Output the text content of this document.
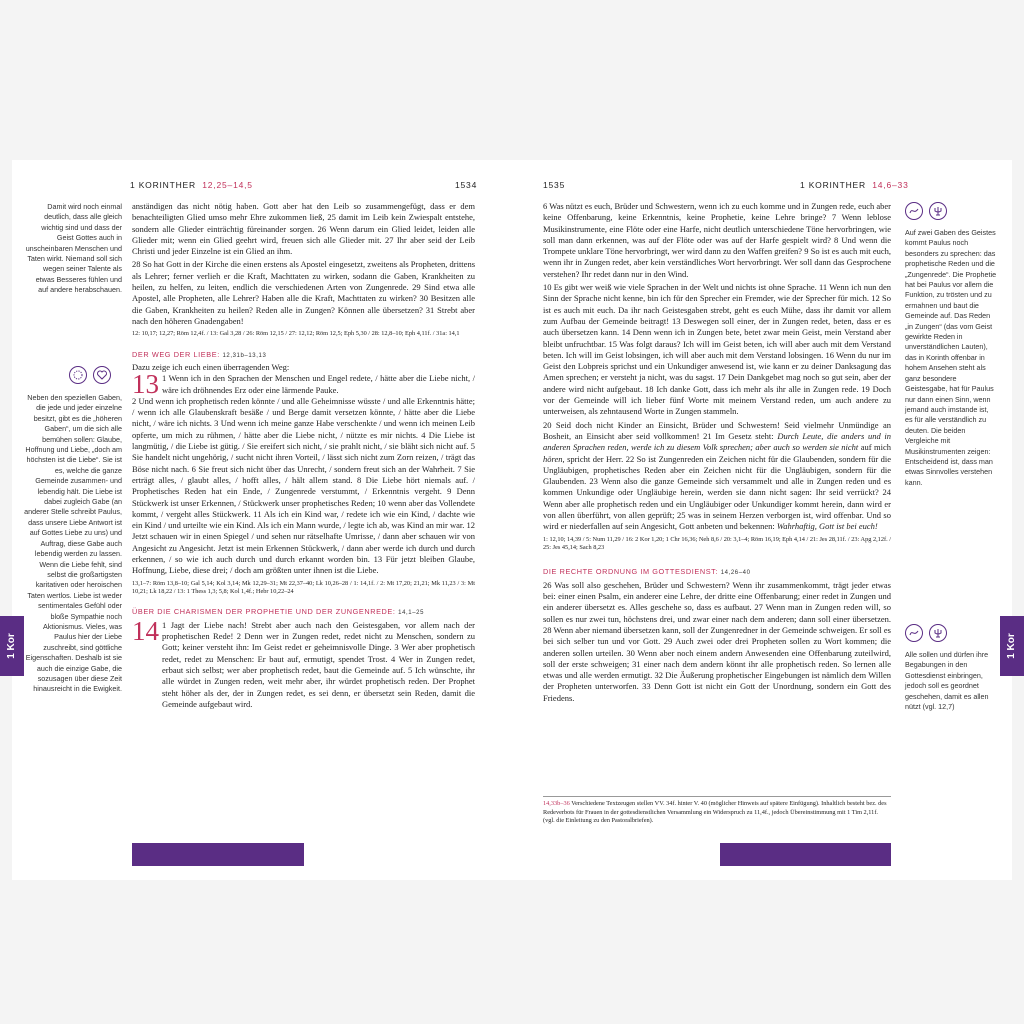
1 KORINTHER 12,25–14,5	1534
Damit wird noch einmal deutlich, dass alle gleich wichtig sind und dass der Geist Gottes auch in unscheinbaren Menschen und Taten wirkt. Niemand soll sich wegen seiner Talente als etwas Besseres fühlen und auf andere herabschauen.
Neben den speziellen Gaben, die jede und jeder einzelne besitzt, gibt es die „höheren Gaben“, um die sich alle bemühen sollen: Glaube, Hoffnung und Liebe, „doch am höchsten ist die Liebe“. Sie ist es, welche die ganze Gemeinde zusammen- und lebendig hält. Die Liebe ist dabei zugleich Gabe (an anderer Stelle schreibt Paulus, dass unsere Liebe Antwort ist auf Gottes Liebe zu uns) und Auftrag, diese Gabe auch lebendig werden zu lassen. Wenn die Liebe fehlt, sind selbst die großartigsten karitativen oder heroischen Taten wertlos. Liebe ist weder sentimentales Gefühl oder bloße Sympathie noch Aktionismus. Vieles, was Paulus hier der Liebe zuschreibt, sind göttliche Eigenschaften. Deshalb ist sie auch die einzige Gabe, die sozusagen über diese Zeit hinausreicht in die Ewigkeit.
anständigen das nicht nötig haben. Gott aber hat den Leib so zusammengefügt, dass er dem benachteiligten Glied umso mehr Ehre zukommen ließ, 25 damit im Leib kein Zwiespalt entstehe, sondern alle Glieder einträchtig füreinander sorgen. 26 Wenn darum ein Glied leidet, leiden alle Glieder mit; wenn ein Glied geehrt wird, freuen sich alle Glieder mit. 27 Ihr aber seid der Leib Christi und jeder Einzelne ist ein Glied an ihm.
28 So hat Gott in der Kirche die einen erstens als Apostel eingesetzt, zweitens als Propheten, drittens als Lehrer; ferner verlieh er die Kraft, Machttaten zu wirken, sodann die Gaben, Krankheiten zu heilen, zu helfen, zu leiten, endlich die verschiedenen Arten von Zungenrede. 29 Sind etwa alle Apostel, alle Propheten, alle Lehrer? Haben alle die Kraft, Machttaten zu wirken? 30 Besitzen alle die Gaben, Krankheiten zu heilen? Reden alle in Zungen? Können alle übersetzen? 31 Strebt aber nach den höheren Gnadengaben!
12: 10,17; 12,27; Röm 12,4f. / 13: Gal 3,28 / 26: Röm 12,15 / 27: 12,12; Röm 12,5; Eph 5,30 / 28: 12,8–10; Eph 4,11f. / 31a: 14,1
DER WEG DER LIEBE: 12,31b–13,13
Dazu zeige ich euch einen überragenden Weg:
13 1 Wenn ich in den Sprachen der Menschen und Engel redete, / hätte aber die Liebe nicht, / wäre ich dröhnendes Erz oder eine lärmende Pauke.
2 Und wenn ich prophetisch reden könnte / und alle Geheimnisse wüsste / und alle Erkenntnis hätte; / wenn ich alle Glaubenskraft besäße / und Berge damit versetzen könnte, / hätte aber die Liebe nicht, / wäre ich nichts. 3 Und wenn ich meine ganze Habe verschenkte / und wenn ich meinen Leib opferte, um mich zu rühmen, / hätte aber die Liebe nicht, / nützte es mir nichts. 4 Die Liebe ist langmütig, / die Liebe ist gütig. / Sie ereifert sich nicht, / sie prahlt nicht, / sie bläht sich nicht auf. 5 Sie handelt nicht ungehörig, / sucht nicht ihren Vorteil, / lässt sich nicht zum Zorn reizen, / trägt das Böse nicht nach. 6 Sie freut sich nicht über das Unrecht, / sondern freut sich an der Wahrheit. 7 Sie erträgt alles, / glaubt alles, / hofft alles, / hält allem stand. 8 Die Liebe hört niemals auf. / Prophetisches Reden hat ein Ende, / Zungenrede verstummt, / Erkenntnis vergeht. 9 Denn Stückwerk ist unser Erkennen, / Stückwerk unser prophetisches Reden; 10 wenn aber das Vollendete kommt, / vergeht alles Stückwerk. 11 Als ich ein Kind war, / redete ich wie ein Kind, / dachte wie ein Kind / und urteilte wie ein Kind. Als ich ein Mann wurde, / legte ich ab, was Kind an mir war. 12 Jetzt schauen wir in einen Spiegel / und sehen nur rätselhafte Umrisse, / dann aber schauen wir von Angesicht zu Angesicht. Jetzt ist mein Erkennen Stückwerk, / dann aber werde ich durch und durch erkennen, / so wie ich auch durch und durch erkannt worden bin. 13 Für jetzt bleiben Glaube, Hoffnung, Liebe, diese drei; / doch am größten unter ihnen ist die Liebe.
13,1–7: Röm 13,8–10; Gal 5,14; Kol 3,14; Mk 12,29–31; Mt 22,37–40; Lk 10,26–28 / 1: 14,1f. / 2: Mt 17,20; 21,21; Mk 11,23 / 3: Mt 10,21; Lk 18,22 / 13: 1 Thess 1,3; 5,8; Kol 1,4f.; Hebr 10,22–24
ÜBER DIE CHARISMEN DER PROPHETIE UND DER ZUNGENREDE: 14,1–25
14 1 Jagt der Liebe nach! Strebt aber auch nach den Geistesgaben, vor allem nach der prophetischen Rede! 2 Denn wer in Zungen redet, redet nicht zu Menschen, sondern zu Gott; keiner versteht ihn: Im Geist redet er geheimnisvolle Dinge. 3 Wer aber prophetisch redet, redet zu Menschen: Er baut auf, ermutigt, spendet Trost. 4 Wer in Zungen redet, erbaut sich selbst; wer aber prophetisch redet, baut die Gemeinde auf. 5 Ich wünschte, ihr alle würdet in Zungen reden, weit mehr aber, ihr würdet prophetisch reden. Der Prophet steht höher als der, der in Zungen redet, es sei denn, er übersetzt sein Reden, damit die Gemeinde aufgebaut wird.
1 Kor
1535	1 KORINTHER 14,6–33
6 Was nützt es euch, Brüder und Schwestern, wenn ich zu euch komme und in Zungen rede, euch aber keine Offenbarung, keine Erkenntnis, keine Prophetie, keine Lehre bringe? 7 Wenn leblose Musikinstrumente, eine Flöte oder eine Harfe, nicht deutlich unterschiedene Töne hervorbringen, wie soll man dann erkennen, was auf der Flöte oder was auf der Harfe gespielt wird? 8 Und wenn die Trompete unklare Töne hervorbringt, wer wird dann zu den Waffen greifen? 9 So ist es auch mit euch, wenn ihr in Zungen redet, aber kein verständliches Wort hervorbringt. Wer soll dann das Gesprochene verstehen? Ihr redet dann nur in den Wind.
10 Es gibt wer weiß wie viele Sprachen in der Welt und nichts ist ohne Sprache. 11 Wenn ich nun den Sinn der Sprache nicht kenne, bin ich für den Sprecher ein Fremder, wie der Sprecher für mich. 12 So ist es auch mit euch. Da ihr nach Geistesgaben strebt, geht es euch Mühe, dass ihr damit vor allem zum Aufbau der Gemeinde beitragt! 13 Deswegen soll einer, der in Zungen redet, beten, dass er es auch übersetzen kann. 14 Denn wenn ich in Zungen bete, betet zwar mein Geist, mein Verstand aber bleibt unfruchtbar. 15 Was folgt daraus? Ich will im Geist beten, ich will aber auch mit dem Verstand beten. Ich will im Geist lobsingen, ich will aber auch mit dem Verstand lobsingen. 16 Wenn du nur im Geist den Lobpreis sprichst und ein Unkundiger anwesend ist, wie kann er zu deiner Danksagung das Amen sprechen; er versteht ja nicht, was du sagst. 17 Dein Dankgebet mag noch so gut sein, aber der andere wird nicht aufgebaut. 18 Ich danke Gott, dass ich mehr als ihr alle in Zungen rede. 19 Doch vor der Gemeinde will ich lieber fünf Worte mit meinem Verstand reden, um auch andere zu unterweisen, als zehntausend Worte in Zungen stammeln.
20 Seid doch nicht Kinder an Einsicht, Brüder und Schwestern! Seid vielmehr Unmündige an Bosheit, an Einsicht aber seid vollkommen! 21 Im Gesetz steht: Durch Leute, die anders und in anderen Sprachen reden, werde ich zu diesem Volk sprechen; aber auch so werden sie nicht auf mich hören, spricht der Herr. 22 So ist Zungenreden ein Zeichen nicht für die Glaubenden, sondern für die Ungläubigen, prophetisches Reden aber ein Zeichen nicht für die Ungläubigen, sondern für die Glaubenden. 23 Wenn also die ganze Gemeinde sich versammelt und alle in Zungen reden und es kommen Unkundige oder Ungläubige herein, werden sie dann nicht sagen: Ihr seid verrückt? 24 Wenn aber alle prophetisch reden und ein Ungläubiger oder Unkundiger kommt herein, dann wird er von allen überführt, von allen geprüft; 25 was in seinem Herzen verborgen ist, wird offenbar. Und so wird er niederfallen auf sein Angesicht, Gott anbeten und bekennen: Wahrhaftig, Gott ist bei euch!
1: 12,10; 14,39 / 5: Num 11,29 / 16: 2 Kor 1,20; 1 Chr 16,36; Neh 8,6 / 20: 3,1–4; Röm 16,19; Eph 4,14 / 21: Jes 28,11f. / 23: Apg 2,12f. / 25: Jes 45,14; Sach 8,23
DIE RECHTE ORDNUNG IM GOTTESDIENST: 14,26–40
26 Was soll also geschehen, Brüder und Schwestern? Wenn ihr zusammenkommt, trägt jeder etwas bei: einer einen Psalm, ein anderer eine Lehre, der dritte eine Offenbarung; einer redet in Zungen und ein anderer übersetzt es. Alles geschehe so, dass es aufbaut. 27 Wenn man in Zungen reden will, so sollen es nur zwei tun, höchstens drei, und zwar einer nach dem anderen; dann soll einer übersetzen. 28 Wenn aber niemand übersetzen kann, soll der Zungenredner in der Gemeinde schweigen. Er soll es bei sich selber tun und vor Gott. 29 Auch zwei oder drei Propheten sollen zu Wort kommen; die anderen sollen urteilen. 30 Wenn aber noch einem andern Anwesenden eine Offenbarung zuteilwird, soll der erste schweigen; 31 einer nach dem andern könnt ihr alle prophetisch reden. So lernen alle etwas und alle werden ermutigt. 32 Die Äußerung prophetischer Eingebungen ist nämlich dem Willen der Propheten unterworfen. 33 Denn Gott ist nicht ein Gott der Unordnung, sondern ein Gott des Friedens.
14,33b–36 Verschiedene Textzeugen stellen VV. 34f. hinter V. 40 (möglicher Hinweis auf spätere Einfügung). Inhaltlich besteht bez. des Redeverbots für Frauen in der gottesdienstlichen Versammlung ein Widerspruch zu 11,4f., jedoch Übereinstimmung mit 1 Tim 2,11f. (vgl. die Einleitung zu den Pastoralbriefen).
Auf zwei Gaben des Geistes kommt Paulus noch besonders zu sprechen: das prophetische Reden und die „Zungenrede“. Die Prophetie hat bei Paulus vor allem die Funktion, zu trösten und zu ermahnen und baut die Gemeinde auf. Das Reden „in Zungen“ (das vom Geist gewirkte Reden in unverständlichen Lauten), das in Korinth offenbar in hohem Ansehen steht als ganz besondere Geistesgabe, hat für Paulus nur dann einen Sinn, wenn jemand auch imstande ist, es für alle verständlich zu deuten. Die beiden Vergleiche mit Musikinstrumenten zeigen: Entscheidend ist, dass man etwas Sinnvolles verstehen kann.
Alle sollen und dürfen ihre Begabungen in den Gottesdienst einbringen, jedoch soll es geordnet geschehen, damit es allen nützt (vgl. 12,7)
1 Kor
